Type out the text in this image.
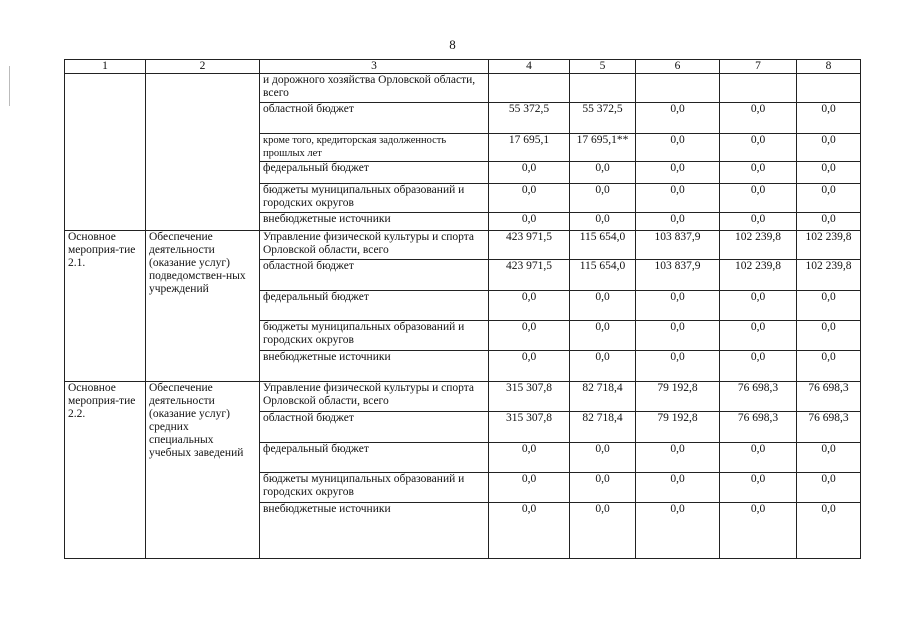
8
1	2	3	4	5	6	7	8
		и дорожного хозяйства Орловской области, всего					
		областной бюджет	55 372,5	55 372,5	0,0	0,0	0,0
		кроме того, кредиторская задолженность прошлых лет	17 695,1	17 695,1**	0,0	0,0	0,0
		федеральный бюджет	0,0	0,0	0,0	0,0	0,0
		бюджеты муниципальных образований и городских округов	0,0	0,0	0,0	0,0	0,0
		внебюджетные источники	0,0	0,0	0,0	0,0	0,0
Основное мероприя-тие 2.1.	Обеспечение деятельности (оказание услуг) подведомствен-ных учреждений	Управление физической культуры и спорта Орловской области, всего	423 971,5	115 654,0	103 837,9	102 239,8	102 239,8
		областной бюджет	423 971,5	115 654,0	103 837,9	102 239,8	102 239,8
		федеральный бюджет	0,0	0,0	0,0	0,0	0,0
		бюджеты муниципальных образований и городских округов	0,0	0,0	0,0	0,0	0,0
		внебюджетные источники	0,0	0,0	0,0	0,0	0,0
Основное мероприя-тие 2.2.	Обеспечение деятельности (оказание услуг) средних специальных учебных заведений	Управление физической культуры и спорта Орловской области, всего	315 307,8	82 718,4	79 192,8	76 698,3	76 698,3
		областной бюджет	315 307,8	82 718,4	79 192,8	76 698,3	76 698,3
		федеральный бюджет	0,0	0,0	0,0	0,0	0,0
		бюджеты муниципальных образований и городских округов	0,0	0,0	0,0	0,0	0,0
		внебюджетные источники	0,0	0,0	0,0	0,0	0,0
